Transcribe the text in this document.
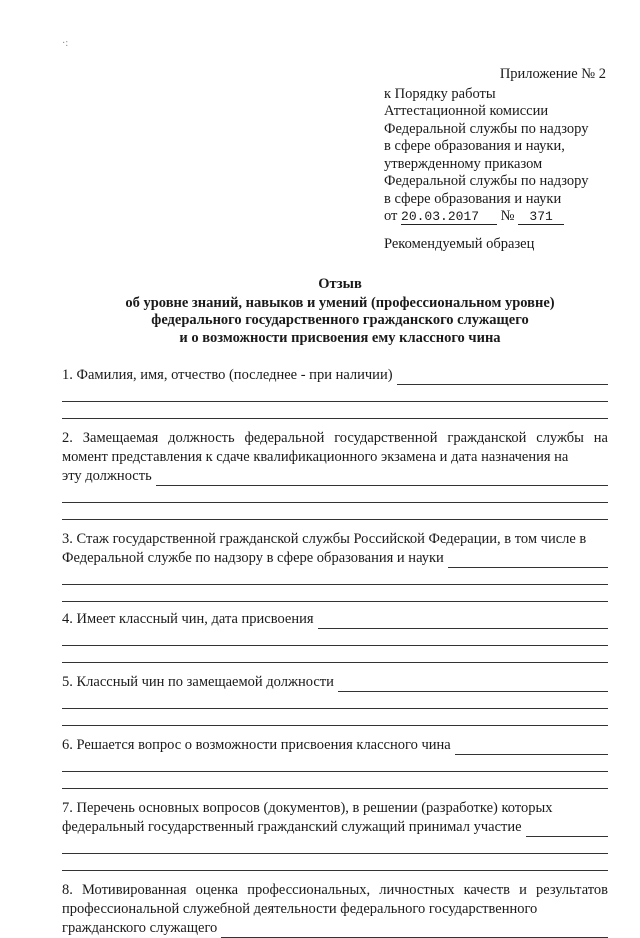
·:
Приложение № 2
к Порядку работы
Аттестационной комиссии
Федеральной службы по надзору
в сфере образования и науки,
утвержденному приказом
Федеральной службы по надзору
в сфере образования и науки
от 20.03.2017 № 371
Рекомендуемый образец
Отзыв
об уровне знаний, навыков и умений (профессиональном уровне)
федерального государственного гражданского служащего
и о возможности присвоения ему классного чина
1. Фамилия, имя, отчество (последнее - при наличии)
2. Замещаемая должность федеральной государственной гражданской службы на момент представления к сдаче квалификационного экзамена и дата назначения на
эту должность
3. Стаж государственной гражданской службы Российской Федерации, в том числе в
Федеральной службе по надзору в сфере образования и науки
4. Имеет классный чин, дата присвоения
5. Классный чин по замещаемой должности
6. Решается вопрос о возможности присвоения классного чина
7. Перечень основных вопросов (документов), в решении (разработке) которых
федеральный государственный гражданский служащий принимал участие
8. Мотивированная оценка профессиональных, личностных качеств и результатов профессиональной служебной деятельности федерального государственного
гражданского служащего
